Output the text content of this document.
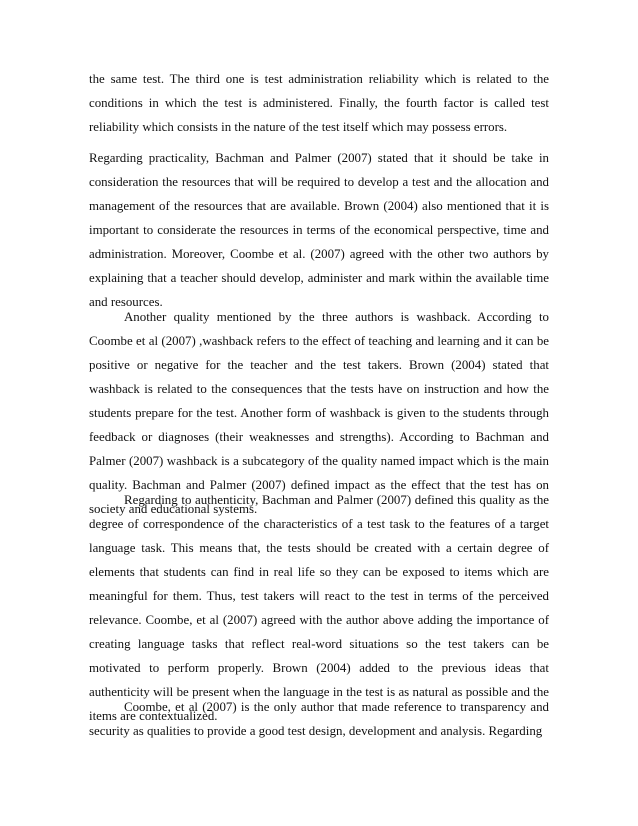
the same test. The third one is test administration reliability which is related to the conditions in which the test is administered. Finally, the fourth factor is called test reliability which consists in the nature of the test itself which may possess errors.

Regarding practicality, Bachman and Palmer (2007) stated that it should be take in consideration the resources that will be required to develop a test and the allocation and management of the resources that are available. Brown (2004) also mentioned that it is important to considerate the resources in terms of the economical perspective, time and administration. Moreover, Coombe et al. (2007) agreed with the other two authors by explaining that a teacher should develop, administer and mark within the available time and resources.

Another quality mentioned by the three authors is washback. According to Coombe et al (2007) ,washback refers to the effect of teaching and learning and it can be positive or negative for the teacher and the test takers. Brown (2004) stated that washback is related to the consequences that the tests have on instruction and how the students prepare for the test. Another form of washback is given to the students through feedback or diagnoses (their weaknesses and strengths). According to Bachman and Palmer (2007) washback is a subcategory of the quality named impact which is the main quality. Bachman and Palmer (2007) defined impact as the effect that the test has on society and educational systems.

Regarding to authenticity, Bachman and Palmer (2007) defined this quality as the degree of correspondence of the characteristics of a test task to the features of a target language task. This means that, the tests should be created with a certain degree of elements that students can find in real life so they can be exposed to items which are meaningful for them. Thus, test takers will react to the test in terms of the perceived relevance. Coombe, et al (2007) agreed with the author above adding the importance of creating language tasks that reflect real-word situations so the test takers can be motivated to perform properly. Brown (2004) added to the previous ideas that authenticity will be present when the language in the test is as natural as possible and the items are contextualized.

Coombe, et al (2007) is the only author that made reference to transparency and security as qualities to provide a good test design, development and analysis. Regarding
